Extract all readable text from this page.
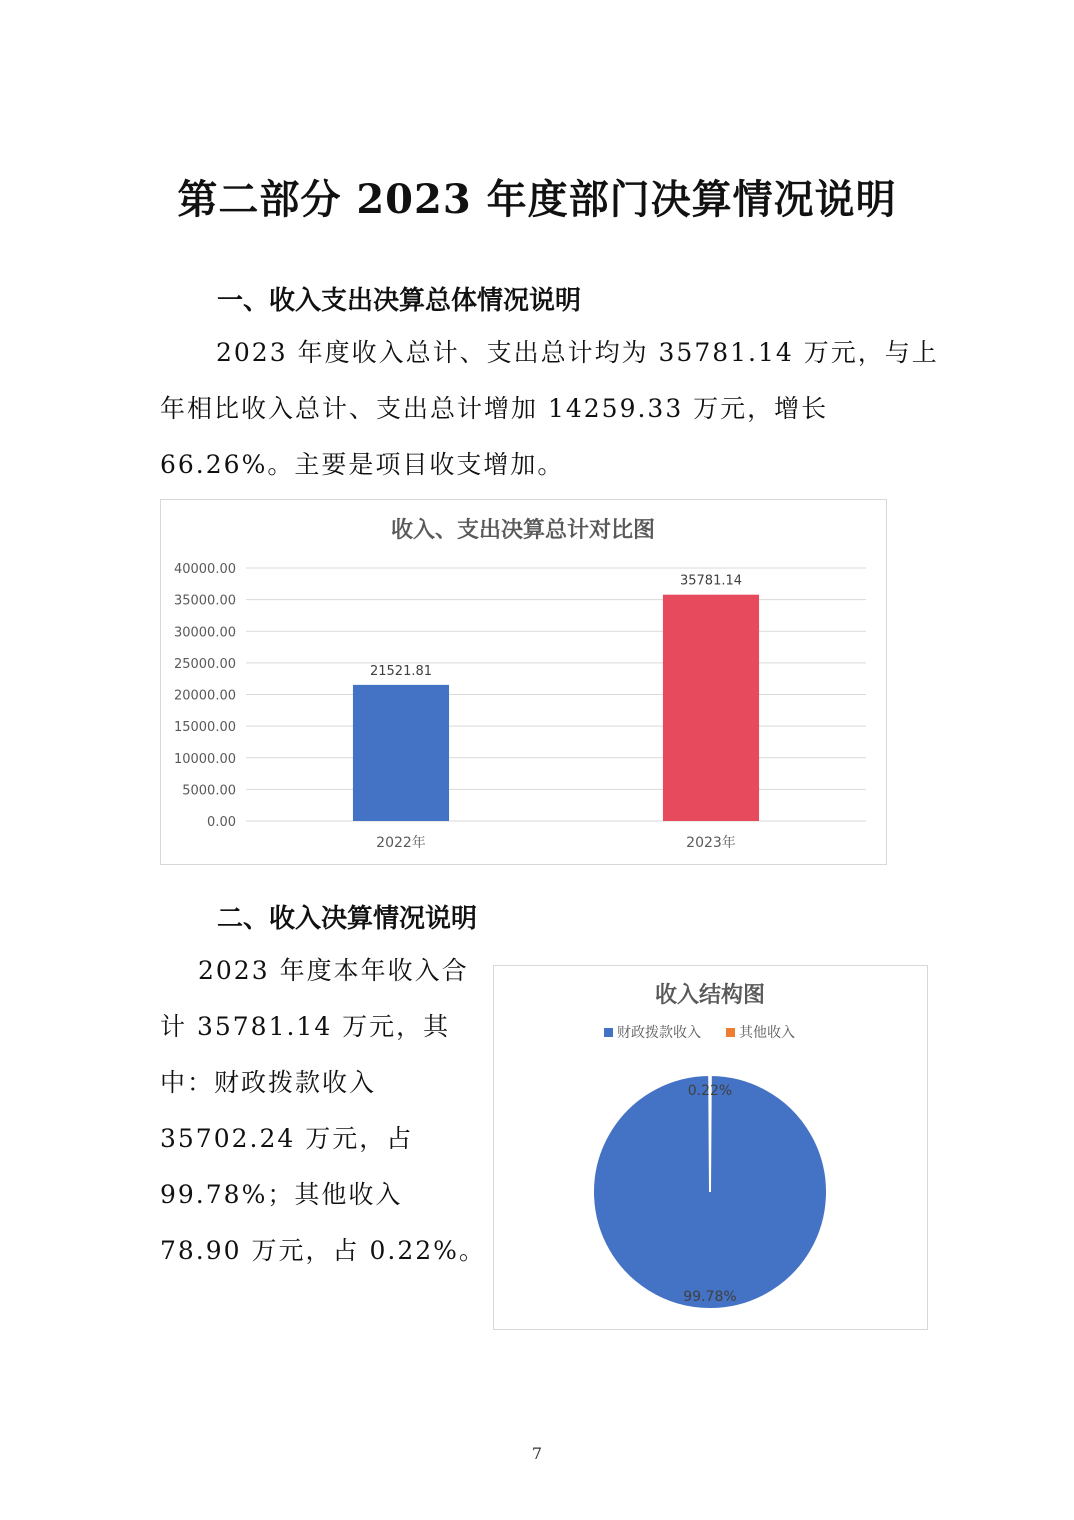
第二部分 2023 年度部门决算情况说明
一、收入支出决算总体情况说明
2023 年度收入总计、支出总计均为 35781.14 万元，与上年相比收入总计、支出总计增加 14259.33 万元，增长 66.26%。主要是项目收支增加。
收入、支出决算总计对比图
0.00
5000.00
10000.00
15000.00
20000.00
25000.00
30000.00
35000.00
40000.00
21521.81
2022年
35781.14
2023年
二、收入决算情况说明
2023 年度本年收入合计 35781.14 万元，其中：财政拨款收入 35702.24 万元，占 99.78%；其他收入 78.90 万元，占 0.22%。
收入结构图
财政拨款收入	其他收入
0.22%
99.78%
7
